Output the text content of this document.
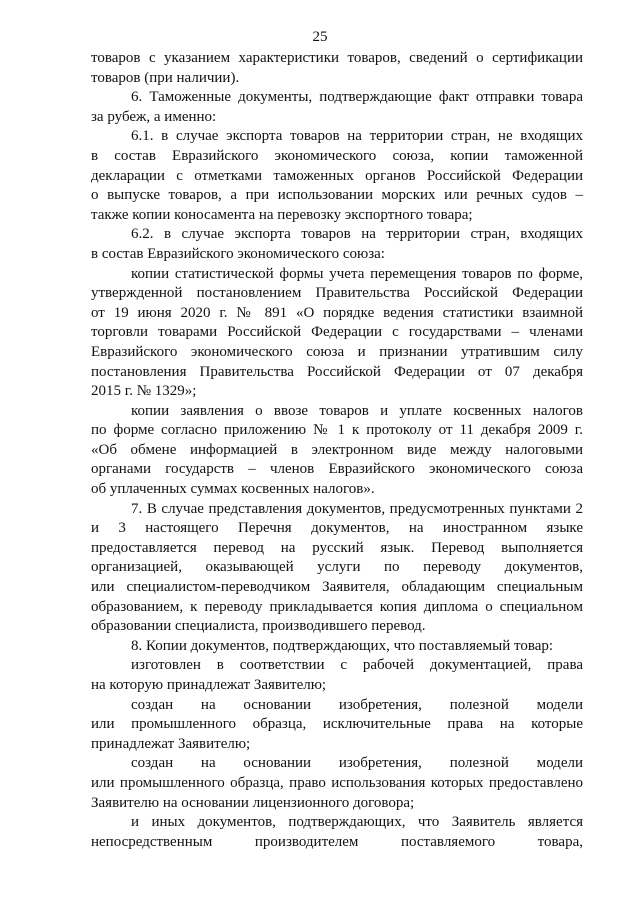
25
товаров с указанием характеристики товаров, сведений о сертификации
товаров (при наличии).
6. Таможенные документы, подтверждающие факт отправки товара
за рубеж, а именно:
6.1. в случае экспорта товаров на территории стран, не входящих
в состав Евразийского экономического союза, копии таможенной
декларации с отметками таможенных органов Российской Федерации
о выпуске товаров, а при использовании морских или речных судов –
также копии коносамента на перевозку экспортного товара;
6.2. в случае экспорта товаров на территории стран, входящих
в состав Евразийского экономического союза:
копии статистической формы учета перемещения товаров по форме,
утвержденной постановлением Правительства Российской Федерации
от 19 июня 2020 г. № 891 «О порядке ведения статистики взаимной
торговли товарами Российской Федерации с государствами – членами
Евразийского экономического союза и признании утратившим силу
постановления Правительства Российской Федерации от 07 декабря
2015 г. № 1329»;
копии заявления о ввозе товаров и уплате косвенных налогов
по форме согласно приложению № 1 к протоколу от 11 декабря 2009 г.
«Об обмене информацией в электронном виде между налоговыми
органами государств – членов Евразийского экономического союза
об уплаченных суммах косвенных налогов».
7. В случае представления документов, предусмотренных пунктами 2
и 3 настоящего Перечня документов, на иностранном языке
предоставляется перевод на русский язык. Перевод выполняется
организацией, оказывающей услуги по переводу документов,
или специалистом-переводчиком Заявителя, обладающим специальным
образованием, к переводу прикладывается копия диплома о специальном
образовании специалиста, производившего перевод.
8. Копии документов, подтверждающих, что поставляемый товар:
изготовлен в соответствии с рабочей документацией, права
на которую принадлежат Заявителю;
создан на основании изобретения, полезной модели
или промышленного образца, исключительные права на которые
принадлежат Заявителю;
создан на основании изобретения, полезной модели
или промышленного образца, право использования которых предоставлено
Заявителю на основании лицензионного договора;
и иных документов, подтверждающих, что Заявитель является
непосредственным производителем поставляемого товара,
